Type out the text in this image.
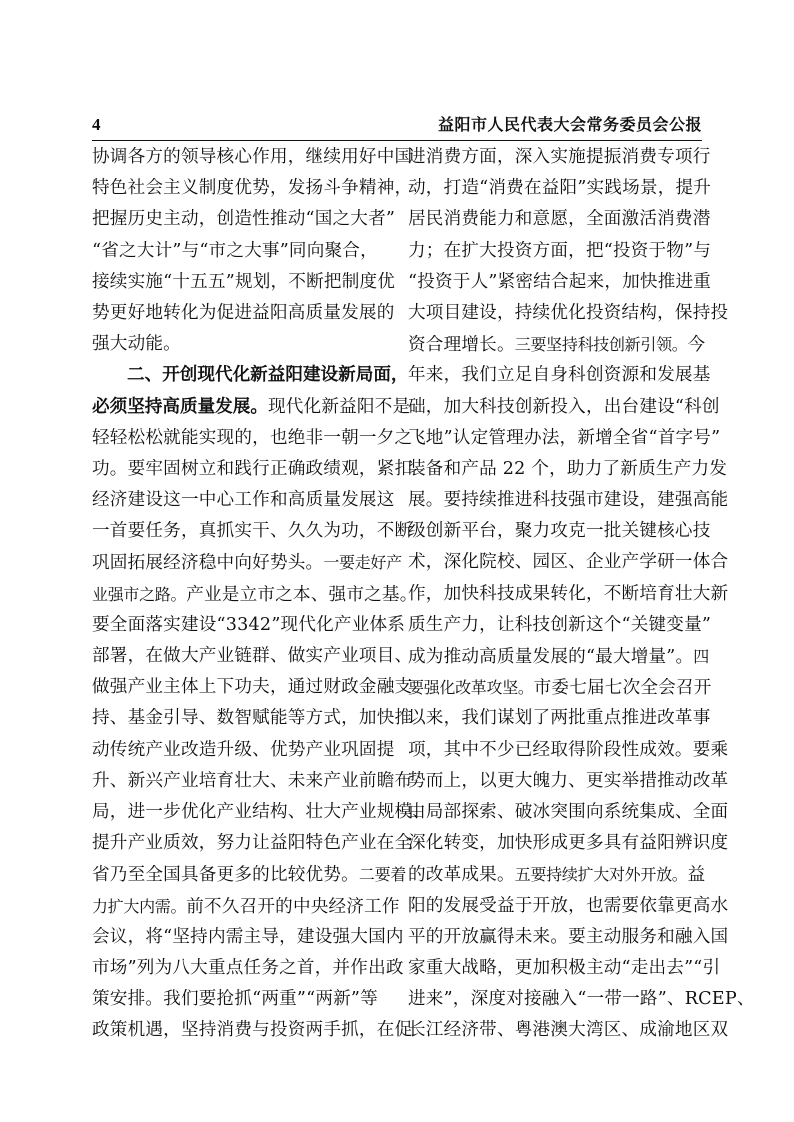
4	益阳市人民代表大会常务委员会公报
协调各方的领导核心作用，继续用好中国
特色社会主义制度优势，发扬斗争精神，
把握历史主动，创造性推动“国之大者”
“省之大计”与“市之大事”同向聚合，
接续实施“十五五”规划，不断把制度优
势更好地转化为促进益阳高质量发展的
强大动能。
二、开创现代化新益阳建设新局面，
必须坚持高质量发展。现代化新益阳不是
轻轻松松就能实现的，也绝非一朝一夕之
功。要牢固树立和践行正确政绩观，紧扣
经济建设这一中心工作和高质量发展这
一首要任务，真抓实干、久久为功，不断
巩固拓展经济稳中向好势头。一要走好产
业强市之路。产业是立市之本、强市之基。
要全面落实建设“3342”现代化产业体系
部署，在做大产业链群、做实产业项目、
做强产业主体上下功夫，通过财政金融支
持、基金引导、数智赋能等方式，加快推
动传统产业改造升级、优势产业巩固提
升、新兴产业培育壮大、未来产业前瞻布
局，进一步优化产业结构、壮大产业规模、
提升产业质效，努力让益阳特色产业在全
省乃至全国具备更多的比较优势。二要着
力扩大内需。前不久召开的中央经济工作
会议，将“坚持内需主导，建设强大国内
市场”列为八大重点任务之首，并作出政
策安排。我们要抢抓“两重”“两新”等
政策机遇，坚持消费与投资两手抓，在促
进消费方面，深入实施提振消费专项行
动，打造“消费在益阳”实践场景，提升
居民消费能力和意愿，全面激活消费潜
力；在扩大投资方面，把“投资于物”与
“投资于人”紧密结合起来，加快推进重
大项目建设，持续优化投资结构，保持投
资合理增长。三要坚持科技创新引领。今
年来，我们立足自身科创资源和发展基
础，加大科技创新投入，出台建设“科创
飞地”认定管理办法，新增全省“首字号”
装备和产品 22 个，助力了新质生产力发
展。要持续推进科技强市建设，建强高能
级创新平台，聚力攻克一批关键核心技
术，深化院校、园区、企业产学研一体合
作，加快科技成果转化，不断培育壮大新
质生产力，让科技创新这个“关键变量”
成为推动高质量发展的“最大增量”。四
要强化改革攻坚。市委七届七次全会召开
以来，我们谋划了两批重点推进改革事
项，其中不少已经取得阶段性成效。要乘
势而上，以更大魄力、更实举措推动改革
由局部探索、破冰突围向系统集成、全面
深化转变，加快形成更多具有益阳辨识度
的改革成果。五要持续扩大对外开放。益
阳的发展受益于开放，也需要依靠更高水
平的开放赢得未来。要主动服务和融入国
家重大战略，更加积极主动“走出去”“引
进来”，深度对接融入“一带一路”、RCEP、
长江经济带、粤港澳大湾区、成渝地区双
